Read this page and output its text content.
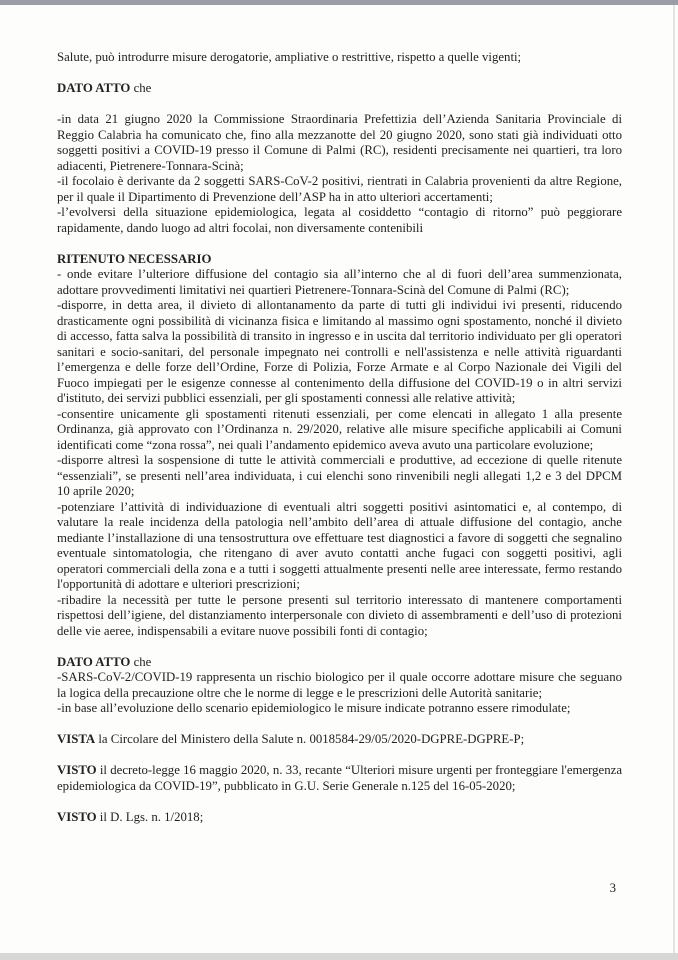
Salute, può introdurre misure derogatorie, ampliative o restrittive, rispetto a quelle vigenti;

DATO ATTO che

-in data 21 giugno 2020 la Commissione Straordinaria Prefettizia dell’Azienda Sanitaria Provinciale di Reggio Calabria ha comunicato che, fino alla mezzanotte del 20 giugno 2020, sono stati già individuati otto soggetti positivi a COVID-19 presso il Comune di Palmi (RC), residenti precisamente nei quartieri, tra loro adiacenti, Pietrenere-Tonnara-Scinà;

-il focolaio è derivante da 2 soggetti SARS-CoV-2 positivi, rientrati in Calabria provenienti da altre Regione, per il quale il Dipartimento di Prevenzione dell’ASP ha in atto ulteriori accertamenti;

-l’evolversi della situazione epidemiologica, legata al cosiddetto “contagio di ritorno” può peggiorare rapidamente, dando luogo ad altri focolai, non diversamente contenibili

RITENUTO NECESSARIO

- onde evitare l’ulteriore diffusione del contagio sia all’interno che al di fuori dell’area summenzionata, adottare provvedimenti limitativi nei quartieri Pietrenere-Tonnara-Scinà del Comune di Palmi (RC);

-disporre, in detta area, il divieto di allontanamento da parte di tutti gli individui ivi presenti, riducendo drasticamente ogni possibilità di vicinanza fisica e limitando al massimo ogni spostamento, nonché il divieto di accesso, fatta salva la possibilità di transito in ingresso e in uscita dal territorio individuato per gli operatori sanitari e socio-sanitari, del personale impegnato nei controlli e nell'assistenza e nelle attività riguardanti l’emergenza e delle forze dell’Ordine, Forze di Polizia, Forze Armate e al Corpo Nazionale dei Vigili del Fuoco impiegati per le esigenze connesse al contenimento della diffusione del COVID-19 o in altri servizi d'istituto, dei servizi pubblici essenziali, per gli spostamenti connessi alle relative attività;

-consentire unicamente gli spostamenti ritenuti essenziali, per come elencati in allegato 1 alla presente Ordinanza, già approvato con l’Ordinanza n. 29/2020, relative alle misure specifiche applicabili ai Comuni identificati come “zona rossa”, nei quali l’andamento epidemico aveva avuto una particolare evoluzione;

-disporre altresì la sospensione di tutte le attività commerciali e produttive, ad eccezione di quelle ritenute “essenziali”, se presenti nell’area individuata, i cui elenchi sono rinvenibili negli allegati 1,2 e 3 del DPCM 10 aprile 2020;

-potenziare l’attività di individuazione di eventuali altri soggetti positivi asintomatici e, al contempo, di valutare la reale incidenza della patologia nell’ambito dell’area di attuale diffusione del contagio, anche mediante l’installazione di una tensostruttura ove effettuare test diagnostici a favore di soggetti che segnalino eventuale sintomatologia, che ritengano di aver avuto contatti anche fugaci con soggetti positivi, agli operatori commerciali della zona e a tutti i soggetti attualmente presenti nelle aree interessate, fermo restando l'opportunità di adottare e ulteriori prescrizioni;

-ribadire la necessità per tutte le persone presenti sul territorio interessato di mantenere comportamenti rispettosi dell’igiene, del distanziamento interpersonale con divieto di assembramenti e dell’uso di protezioni delle vie aeree, indispensabili a evitare nuove possibili fonti di contagio;

DATO ATTO che

-SARS-CoV-2/COVID-19 rappresenta un rischio biologico per il quale occorre adottare misure che seguano la logica della precauzione oltre che le norme di legge e le prescrizioni delle Autorità sanitarie;

-in base all’evoluzione dello scenario epidemiologico le misure indicate potranno essere rimodulate;

VISTA la Circolare del Ministero della Salute n. 0018584-29/05/2020-DGPRE-DGPRE-P;

VISTO il decreto-legge 16 maggio 2020, n. 33, recante “Ulteriori misure urgenti per fronteggiare l'emergenza epidemiologica da COVID-19”, pubblicato in G.U. Serie Generale n.125 del 16-05-2020;

VISTO il D. Lgs. n. 1/2018;

3
